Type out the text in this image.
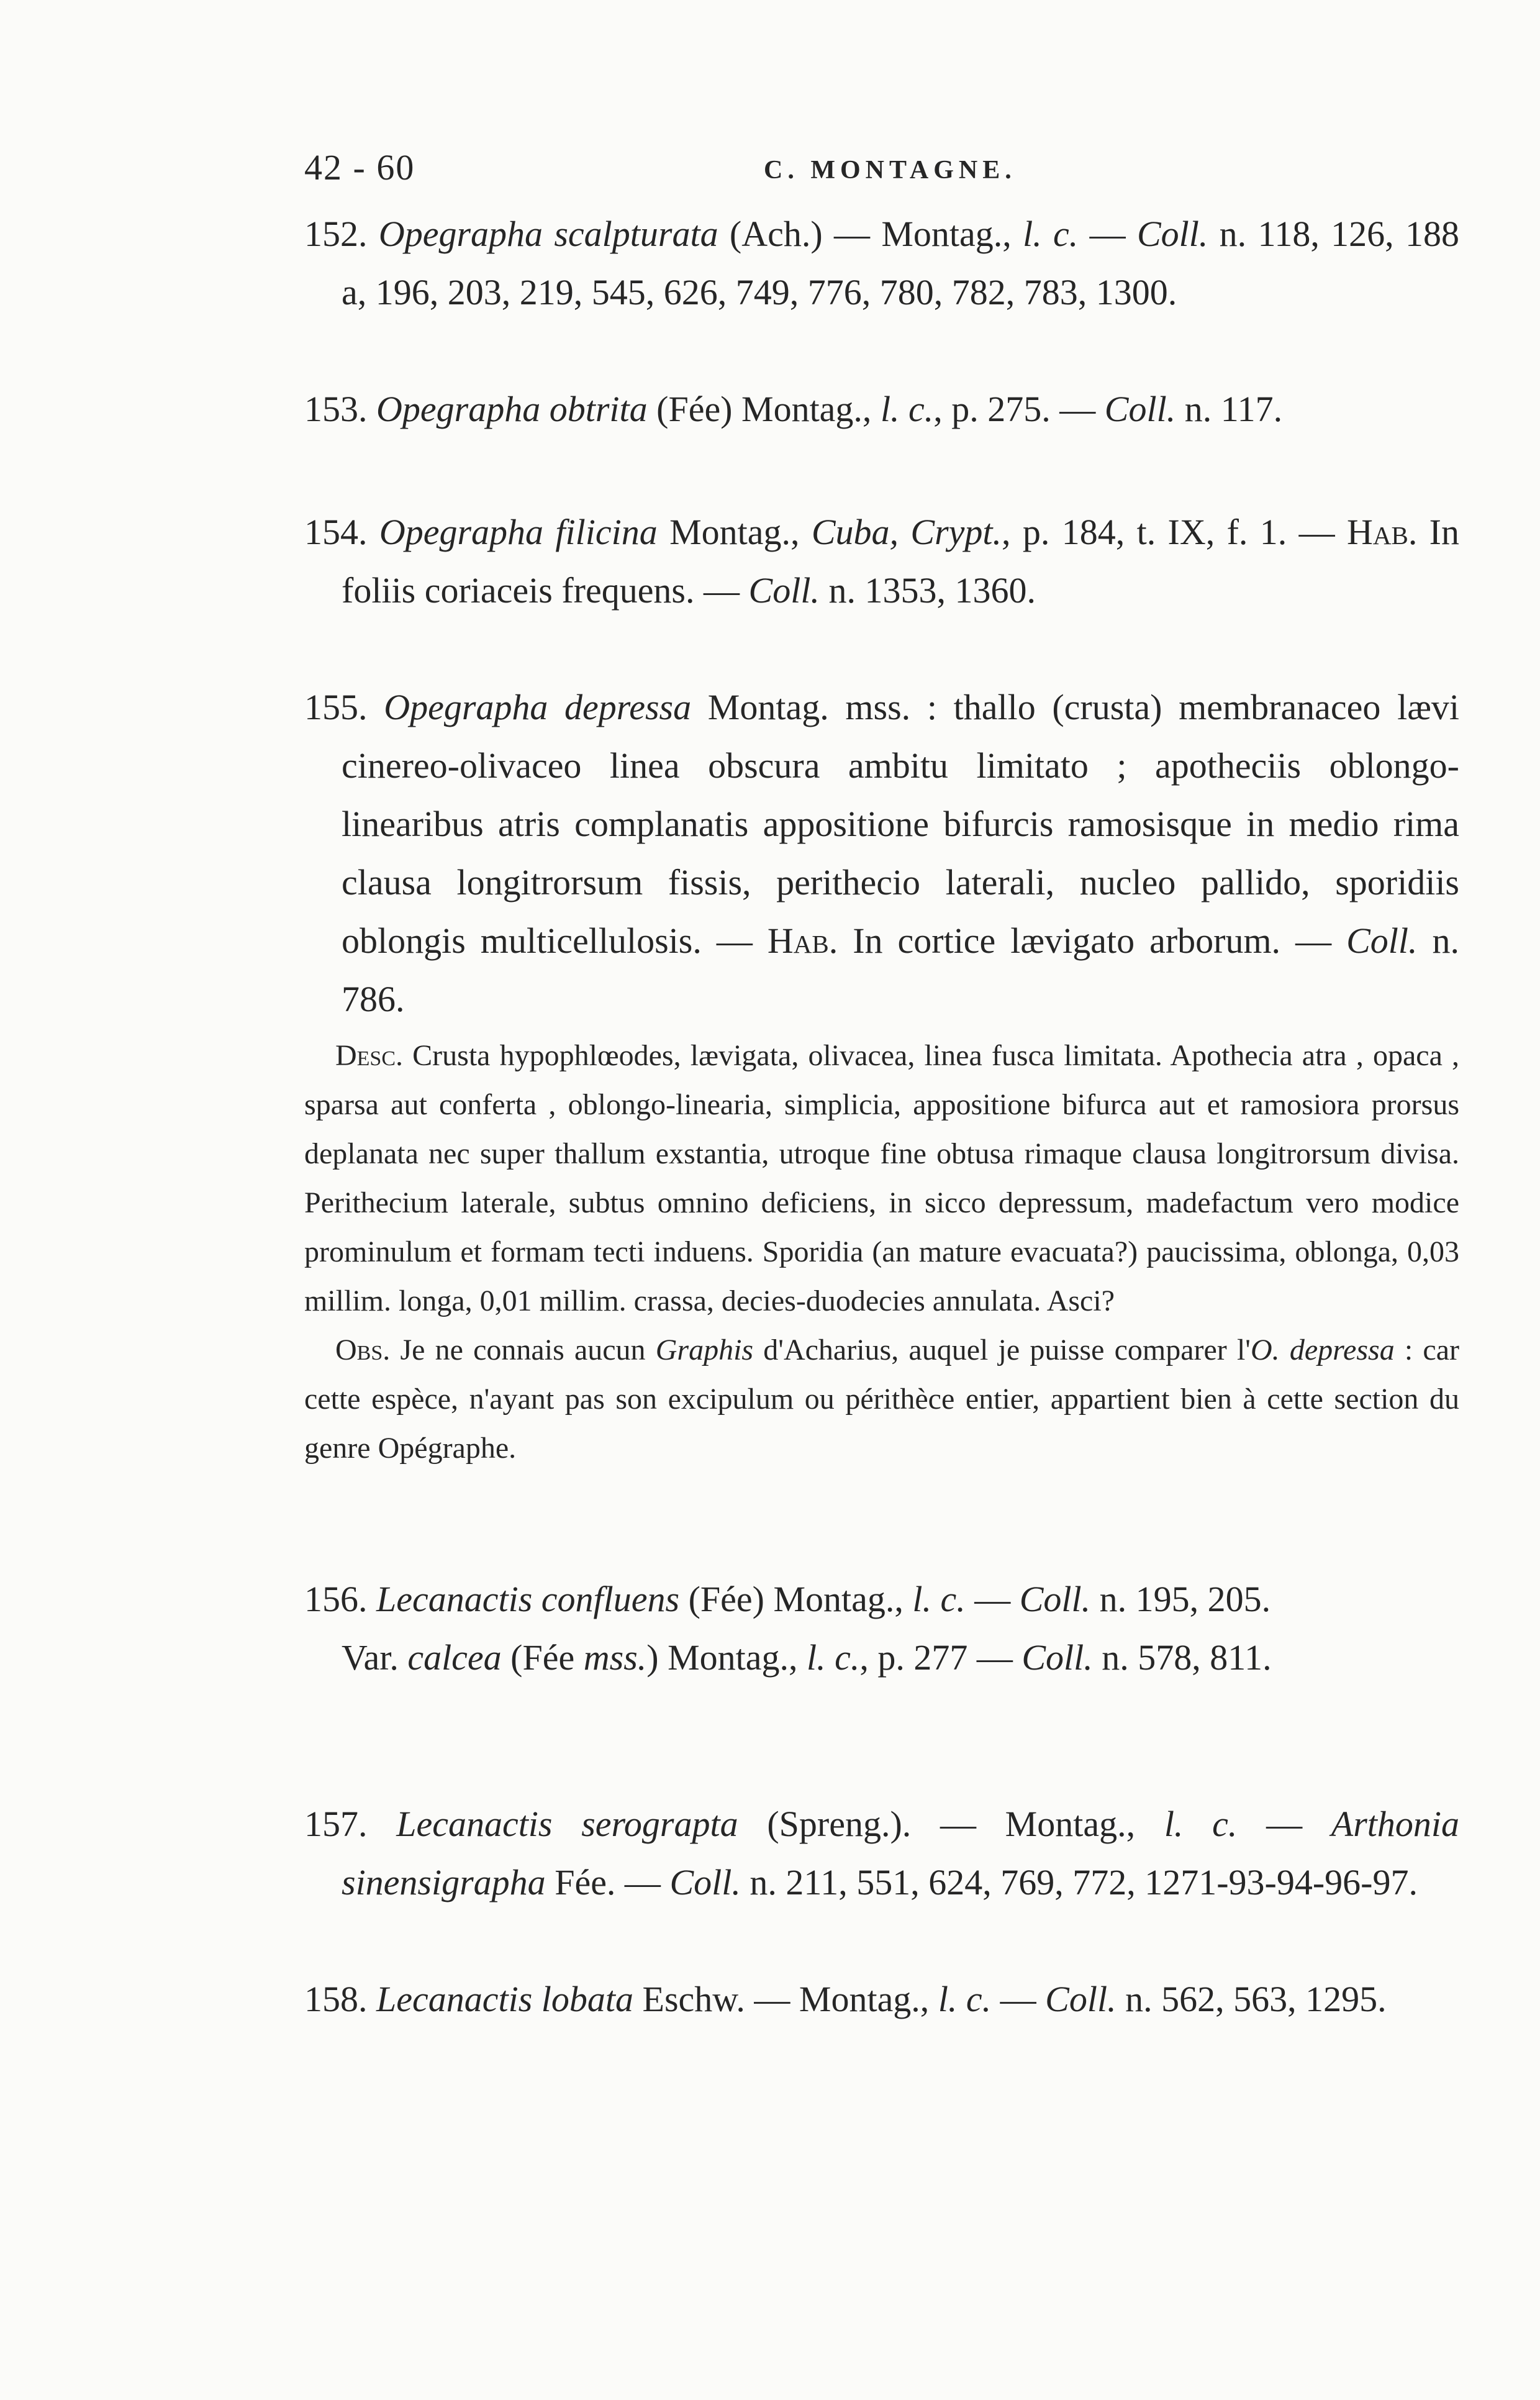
42 - 60	C. MONTAGNE.

152. Opegrapha scalpturata (Ach.) — Montag., l. c. — Coll. n. 118, 126, 188 a, 196, 203, 219, 545, 626, 749, 776, 780, 782, 783, 1300.

153. Opegrapha obtrita (Fée) Montag., l. c., p. 275. — Coll. n. 117.

154. Opegrapha filicina Montag., Cuba, Crypt., p. 184, t. IX, f. 1. — Hab. In foliis coriaceis frequens. — Coll. n. 1353, 1360.

155. Opegrapha depressa Montag. mss. : thallo (crusta) membranaceo lævi cinereo-olivaceo linea obscura ambitu limitato ; apotheciis oblongo-linearibus atris complanatis appositione bifurcis ramosisque in medio rima clausa longitrorsum fissis, perithecio laterali, nucleo pallido, sporidiis oblongis multicellulosis. — Hab. In cortice lævigato arborum. — Coll. n. 786.

Desc. Crusta hypophlœodes, lævigata, olivacea, linea fusca limitata. Apothecia atra , opaca , sparsa aut conferta , oblongo-linearia, simplicia, appositione bifurca aut et ramosiora prorsus deplanata nec super thallum exstantia, utroque fine obtusa rimaque clausa longitrorsum divisa. Perithecium laterale, subtus omnino deficiens, in sicco depressum, madefactum vero modice prominulum et formam tecti induens. Sporidia (an mature evacuata?) paucissima, oblonga, 0,03 millim. longa, 0,01 millim. crassa, decies-duodecies annulata. Asci?

Obs. Je ne connais aucun Graphis d'Acharius, auquel je puisse comparer l'O. depressa : car cette espèce, n'ayant pas son excipulum ou périthèce entier, appartient bien à cette section du genre Opégraphe.

156. Lecanactis confluens (Fée) Montag., l. c. — Coll. n. 195, 205.

Var. calcea (Fée mss.) Montag., l. c., p. 277 — Coll. n. 578, 811.

157. Lecanactis serograpta (Spreng.). — Montag., l. c. — Arthonia sinensigrapha Fée. — Coll. n. 211, 551, 624, 769, 772, 1271-93-94-96-97.

158. Lecanactis lobata Eschw. — Montag., l. c. — Coll. n. 562, 563, 1295.
